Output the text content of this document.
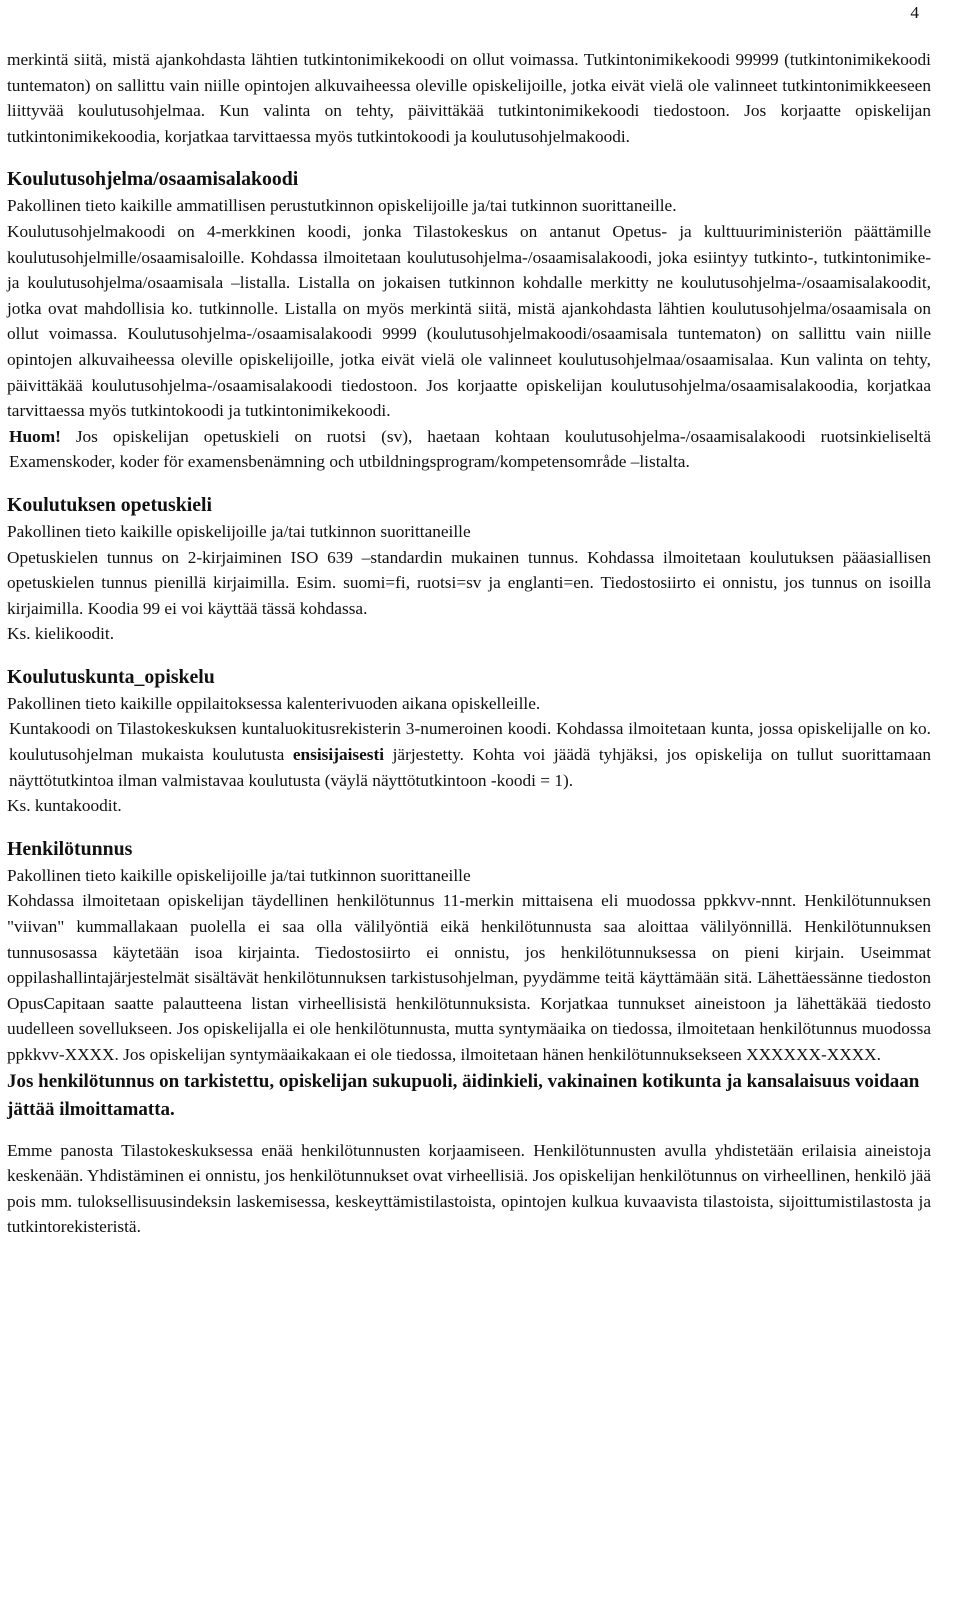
4

merkintä siitä, mistä ajankohdasta lähtien tutkintonimikekoodi on ollut voimassa. Tutkintonimikekoodi 99999 (tutkintonimikekoodi tuntematon) on sallittu vain niille opintojen alkuvaiheessa oleville opiskelijoille, jotka eivät vielä ole valinneet tutkintonimikkeeseen liittyvää koulutusohjelmaa. Kun valinta on tehty, päivittäkää tutkintonimikekoodi tiedostoon. Jos korjaatte opiskelijan tutkintonimikekoodia, korjatkaa tarvittaessa myös tutkintokoodi ja koulutusohjelmakoodi.

Koulutusohjelma/osaamisalakoodi

Pakollinen tieto kaikille ammatillisen perustutkinnon opiskelijoille ja/tai tutkinnon suorittaneille.

Koulutusohjelmakoodi on 4-merkkinen koodi, jonka Tilastokeskus on antanut Opetus- ja kulttuuriministeriön päättämille koulutusohjelmille/osaamisaloille. Kohdassa ilmoitetaan koulutusohjelma-/osaamisalakoodi, joka esiintyy tutkinto-, tutkintonimike- ja koulutusohjelma/osaamisala –listalla. Listalla on jokaisen tutkinnon kohdalle merkitty ne koulutusohjelma-/osaamisalakoodit, jotka ovat mahdollisia ko. tutkinnolle. Listalla on myös merkintä siitä, mistä ajankohdasta lähtien koulutusohjelma/osaamisala on ollut voimassa. Koulutusohjelma-/osaamisalakoodi 9999 (koulutusohjelmakoodi/osaamisala tuntematon) on sallittu vain niille opintojen alkuvaiheessa oleville opiskelijoille, jotka eivät vielä ole valinneet koulutusohjelmaa/osaamisalaa. Kun valinta on tehty, päivittäkää koulutusohjelma-/osaamisalakoodi tiedostoon. Jos korjaatte opiskelijan koulutusohjelma/osaamisalakoodia, korjatkaa tarvittaessa myös tutkintokoodi ja tutkintonimikekoodi.

Huom! Jos opiskelijan opetuskieli on ruotsi (sv), haetaan kohtaan koulutusohjelma-/osaamisalakoodi ruotsinkieliseltä Examenskoder, koder för examensbenämning och utbildningsprogram/kompetensområde –listalta.

Koulutuksen opetuskieli

Pakollinen tieto kaikille opiskelijoille ja/tai tutkinnon suorittaneille

Opetuskielen tunnus on 2-kirjaiminen ISO 639 –standardin mukainen tunnus. Kohdassa ilmoitetaan koulutuksen pääasiallisen opetuskielen tunnus pienillä kirjaimilla. Esim. suomi=fi, ruotsi=sv ja englanti=en. Tiedostosiirto ei onnistu, jos tunnus on isoilla kirjaimilla. Koodia 99 ei voi käyttää tässä kohdassa.

Ks. kielikoodit.

Koulutuskunta_opiskelu

Pakollinen tieto kaikille oppilaitoksessa kalenterivuoden aikana opiskelleille.

Kuntakoodi on Tilastokeskuksen kuntaluokitusrekisterin 3-numeroinen koodi. Kohdassa ilmoitetaan kunta, jossa opiskelijalle on ko. koulutusohjelman mukaista koulutusta ensisijaisesti järjestetty. Kohta voi jäädä tyhjäksi, jos opiskelija on tullut suorittamaan näyttötutkintoa ilman valmistavaa koulutusta (väylä näyttötutkintoon -koodi = 1).

Ks. kuntakoodit.

Henkilötunnus

Pakollinen tieto kaikille opiskelijoille ja/tai tutkinnon suorittaneille

Kohdassa ilmoitetaan opiskelijan täydellinen henkilötunnus 11-merkin mittaisena eli muodossa ppkkvv-nnnt. Henkilötunnuksen "viivan" kummallakaan puolella ei saa olla välilyöntiä eikä henkilötunnusta saa aloittaa välilyönnillä. Henkilötunnuksen tunnusosassa käytetään isoa kirjainta. Tiedostosiirto ei onnistu, jos henkilötunnuksessa on pieni kirjain. Useimmat oppilashallintajärjestelmät sisältävät henkilötunnuksen tarkistusohjelman, pyydämme teitä käyttämään sitä. Lähettäessänne tiedoston OpusCapitaan saatte palautteena listan virheellisistä henkilötunnuksista. Korjatkaa tunnukset aineistoon ja lähettäkää tiedosto uudelleen sovellukseen. Jos opiskelijalla ei ole henkilötunnusta, mutta syntymäaika on tiedossa, ilmoitetaan henkilötunnus muodossa ppkkvv-XXXX. Jos opiskelijan syntymäaikakaan ei ole tiedossa, ilmoitetaan hänen henkilötunnuksekseen XXXXXX-XXXX.

Jos henkilötunnus on tarkistettu, opiskelijan sukupuoli, äidinkieli, vakinainen kotikunta ja kansalaisuus voidaan jättää ilmoittamatta.

Emme panosta Tilastokeskuksessa enää henkilötunnusten korjaamiseen. Henkilötunnusten avulla yhdistetään erilaisia aineistoja keskenään. Yhdistäminen ei onnistu, jos henkilötunnukset ovat virheellisiä. Jos opiskelijan henkilötunnus on virheellinen, henkilö jää pois mm. tuloksellisuusindeksin laskemisessa, keskeyttämistilastoista, opintojen kulkua kuvaavista tilastoista, sijoittumistilastosta ja tutkintorekisteristä.
